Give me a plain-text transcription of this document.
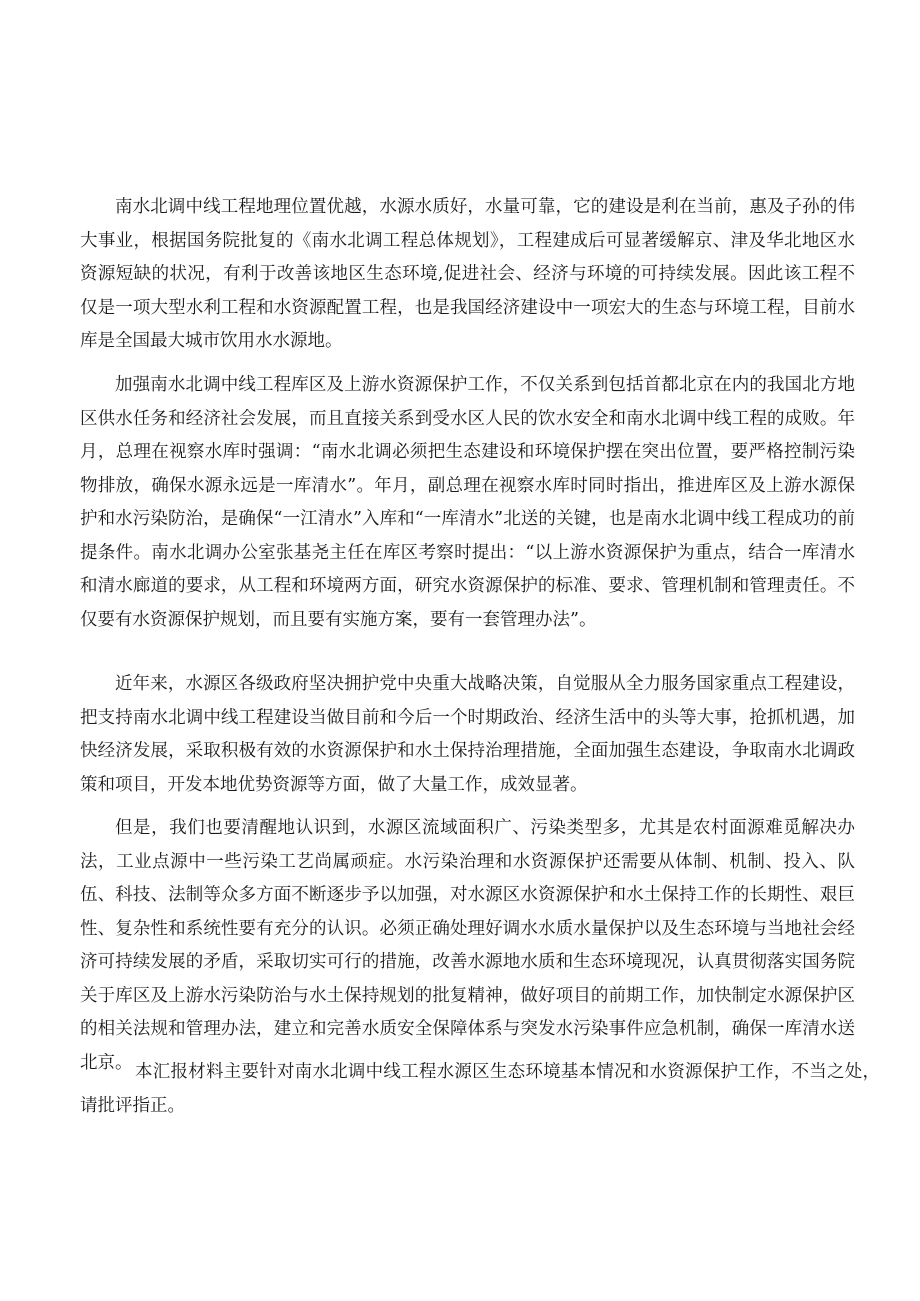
南水北调中线工程地理位置优越，水源水质好，水量可靠，它的建设是利在当前，惠及子孙的伟大事业，根据国务院批复的《南水北调工程总体规划》，工程建成后可显著缓解京、津及华北地区水资源短缺的状况，有利于改善该地区生态环境,促进社会、经济与环境的可持续发展。因此该工程不仅是一项大型水利工程和水资源配置工程，也是我国经济建设中一项宏大的生态与环境工程，目前水库是全国最大城市饮用水水源地。

加强南水北调中线工程库区及上游水资源保护工作，不仅关系到包括首都北京在内的我国北方地区供水任务和经济社会发展，而且直接关系到受水区人民的饮水安全和南水北调中线工程的成败。年月，总理在视察水库时强调：“南水北调必须把生态建设和环境保护摆在突出位置，要严格控制污染物排放，确保水源永远是一库清水”。年月，副总理在视察水库时同时指出，推进库区及上游水源保护和水污染防治，是确保“一江清水”入库和“一库清水”北送的关键，也是南水北调中线工程成功的前提条件。南水北调办公室张基尧主任在库区考察时提出：“以上游水资源保护为重点，结合一库清水和清水廊道的要求，从工程和环境两方面，研究水资源保护的标准、要求、管理机制和管理责任。不仅要有水资源保护规划，而且要有实施方案，要有一套管理办法”。

近年来，水源区各级政府坚决拥护党中央重大战略决策，自觉服从全力服务国家重点工程建设，把支持南水北调中线工程建设当做目前和今后一个时期政治、经济生活中的头等大事，抢抓机遇，加快经济发展，采取积极有效的水资源保护和水土保持治理措施，全面加强生态建设，争取南水北调政策和项目，开发本地优势资源等方面，做了大量工作，成效显著。

但是，我们也要清醒地认识到，水源区流域面积广、污染类型多，尤其是农村面源难觅解决办法，工业点源中一些污染工艺尚属顽症。水污染治理和水资源保护还需要从体制、机制、投入、队伍、科技、法制等众多方面不断逐步予以加强，对水源区水资源保护和水土保持工作的长期性、艰巨性、复杂性和系统性要有充分的认识。必须正确处理好调水水质水量保护以及生态环境与当地社会经济可持续发展的矛盾，采取切实可行的措施，改善水源地水质和生态环境现况，认真贯彻落实国务院关于库区及上游水污染防治与水土保持规划的批复精神，做好项目的前期工作，加快制定水源保护区的相关法规和管理办法，建立和完善水质安全保障体系与突发水污染事件应急机制，确保一库清水送北京。 本汇报材料主要针对南水北调中线工程水源区生态环境基本情况和水资源保护工作，不当之处，请批评指正。
